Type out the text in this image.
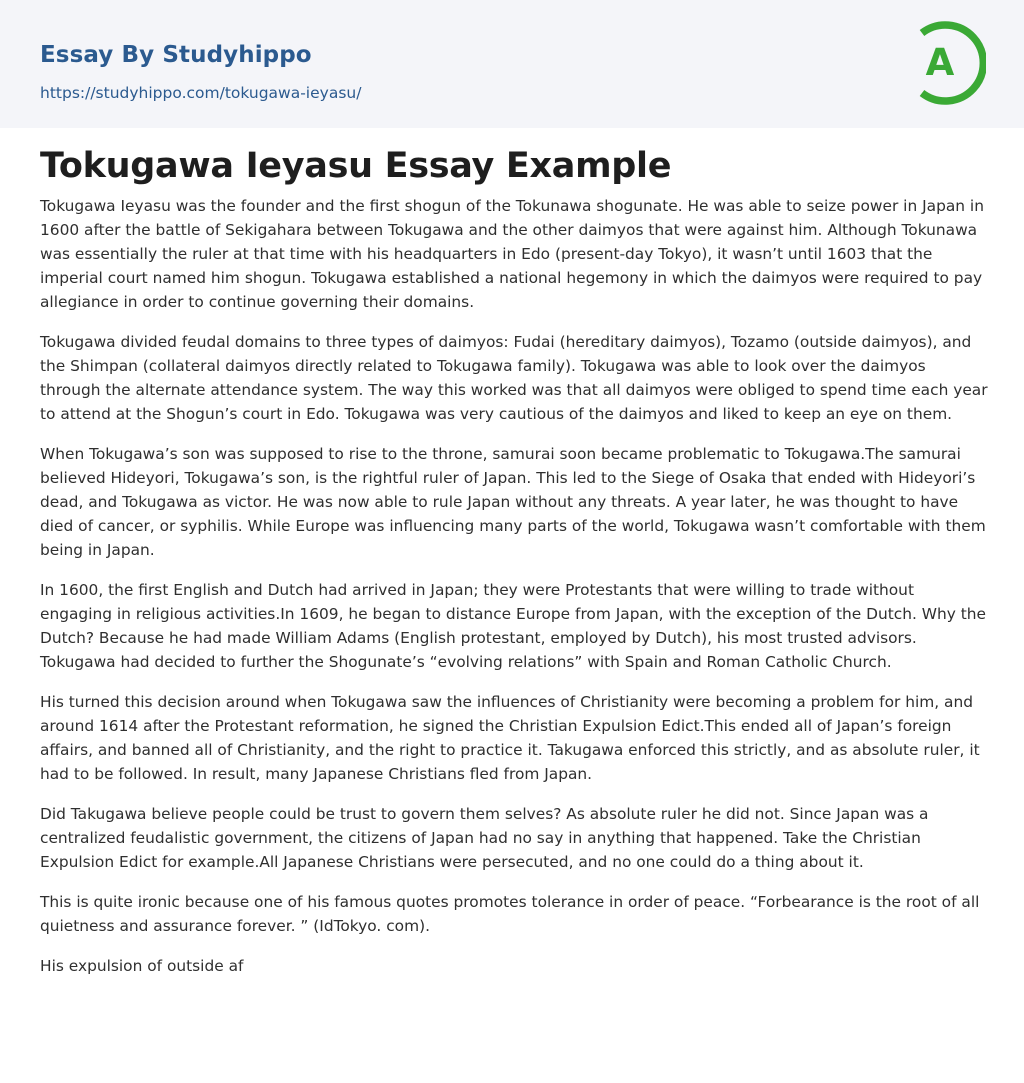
Essay By Studyhippo
https://studyhippo.com/tokugawa-ieyasu/
A
Tokugawa Ieyasu Essay Example

Tokugawa Ieyasu was the founder and the first shogun of the Tokunawa shogunate. He was able to seize power in Japan in 1600 after the battle of Sekigahara between Tokugawa and the other daimyos that were against him. Although Tokunawa was essentially the ruler at that time with his headquarters in Edo (present-day Tokyo), it wasn’t until 1603 that the imperial court named him shogun. Tokugawa established a national hegemony in which the daimyos were required to pay allegiance in order to continue governing their domains.

Tokugawa divided feudal domains to three types of daimyos: Fudai (hereditary daimyos), Tozamo (outside daimyos), and the Shimpan (collateral daimyos directly related to Tokugawa family). Tokugawa was able to look over the daimyos through the alternate attendance system. The way this worked was that all daimyos were obliged to spend time each year to attend at the Shogun’s court in Edo. Tokugawa was very cautious of the daimyos and liked to keep an eye on them.

When Tokugawa’s son was supposed to rise to the throne, samurai soon became problematic to Tokugawa.The samurai believed Hideyori, Tokugawa’s son, is the rightful ruler of Japan. This led to the Siege of Osaka that ended with Hideyori’s dead, and Tokugawa as victor. He was now able to rule Japan without any threats. A year later, he was thought to have died of cancer, or syphilis. While Europe was influencing many parts of the world, Tokugawa wasn’t comfortable with them being in Japan.

In 1600, the first English and Dutch had arrived in Japan; they were Protestants that were willing to trade without engaging in religious activities.In 1609, he began to distance Europe from Japan, with the exception of the Dutch. Why the Dutch? Because he had made William Adams (English protestant, employed by Dutch), his most trusted advisors. Tokugawa had decided to further the Shogunate’s “evolving relations” with Spain and Roman Catholic Church.

His turned this decision around when Tokugawa saw the influences of Christianity were becoming a problem for him, and around 1614 after the Protestant reformation, he signed the Christian Expulsion Edict.This ended all of Japan’s foreign affairs, and banned all of Christianity, and the right to practice it. Takugawa enforced this strictly, and as absolute ruler, it had to be followed. In result, many Japanese Christians fled from Japan.

Did Takugawa believe people could be trust to govern them selves? As absolute ruler he did not. Since Japan was a centralized feudalistic government, the citizens of Japan had no say in anything that happened. Take the Christian Expulsion Edict for example.All Japanese Christians were persecuted, and no one could do a thing about it.

This is quite ironic because one of his famous quotes promotes tolerance in order of peace. “Forbearance is the root of all quietness and assurance forever. ” (IdTokyo. com).

His expulsion of outside af
